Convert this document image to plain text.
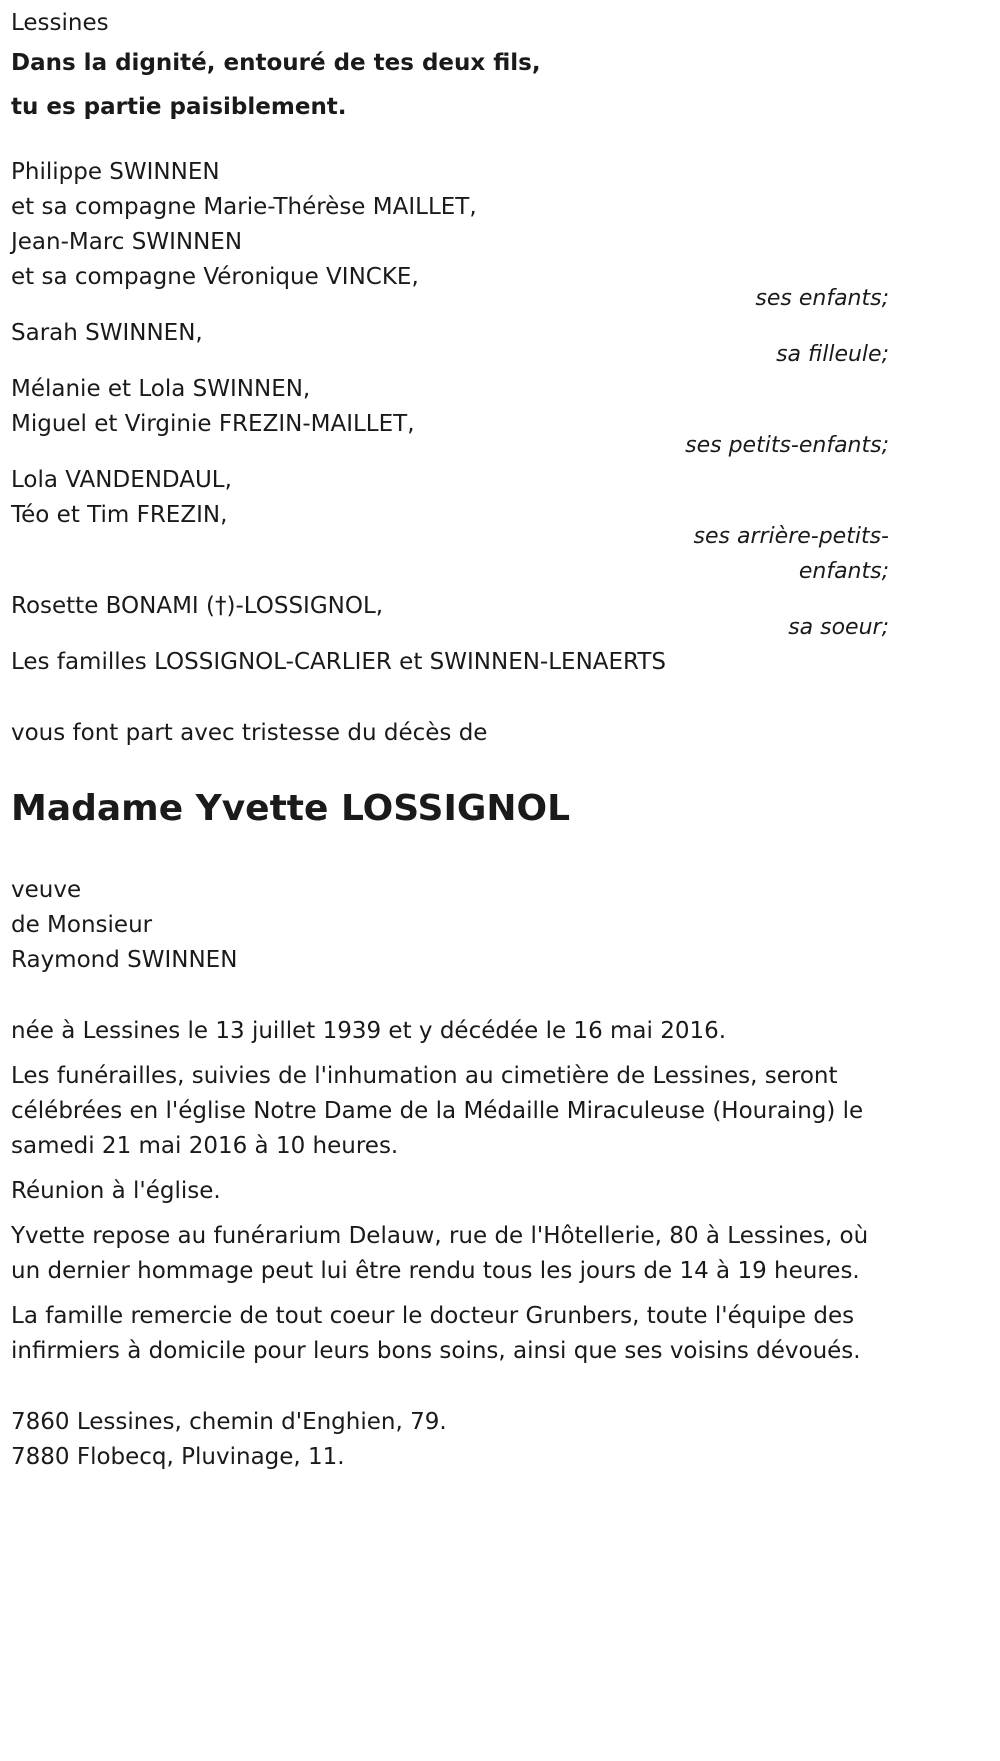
Lessines
Dans la dignité, entouré de tes deux fils,
tu es partie paisiblement.
Philippe SWINNEN
et sa compagne Marie-Thérèse MAILLET,
Jean-Marc SWINNEN
et sa compagne Véronique VINCKE,
ses enfants;
Sarah SWINNEN,
sa filleule;
Mélanie et Lola SWINNEN,
Miguel et Virginie FREZIN-MAILLET,
ses petits-enfants;
Lola VANDENDAUL,
Téo et Tim FREZIN,
ses arrière-petits-enfants;
Rosette BONAMI (†)-LOSSIGNOL,
sa soeur;
Les familles LOSSIGNOL-CARLIER et SWINNEN-LENAERTS
vous font part avec tristesse du décès de
Madame Yvette LOSSIGNOL
veuve
de Monsieur
Raymond SWINNEN
née à Lessines le 13 juillet 1939 et y décédée le 16 mai 2016.
Les funérailles, suivies de l'inhumation au cimetière de Lessines, seront célébrées en l'église Notre Dame de la Médaille Miraculeuse (Houraing) le samedi 21 mai 2016 à 10 heures.
Réunion à l'église.
Yvette repose au funérarium Delauw, rue de l'Hôtellerie, 80 à Lessines, où un dernier hommage peut lui être rendu tous les jours de 14 à 19 heures.
La famille remercie de tout coeur le docteur Grunbers, toute l'équipe des infirmiers à domicile pour leurs bons soins, ainsi que ses voisins dévoués.
7860 Lessines, chemin d'Enghien, 79.
7880 Flobecq, Pluvinage, 11.
